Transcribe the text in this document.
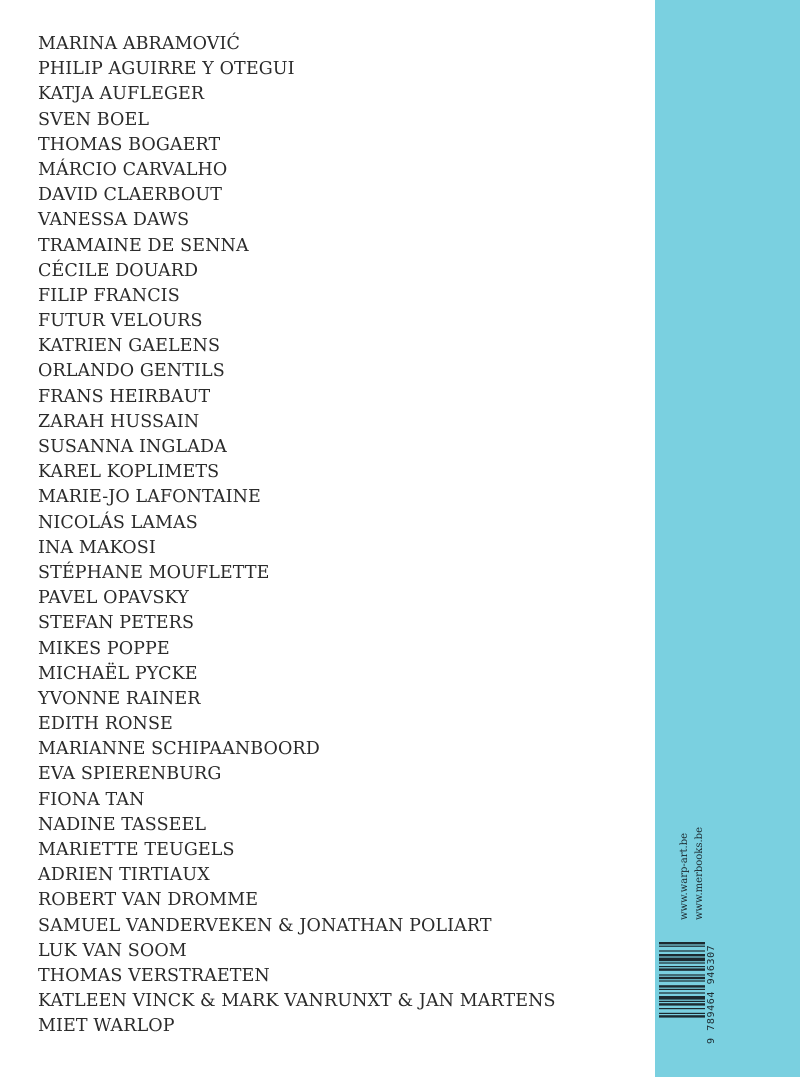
MARINA ABRAMOVIĆ
PHILIP AGUIRRE Y OTEGUI
KATJA AUFLEGER
SVEN BOEL
THOMAS BOGAERT
MÁRCIO CARVALHO
DAVID CLAERBOUT
VANESSA DAWS
TRAMAINE DE SENNA
CÉCILE DOUARD
FILIP FRANCIS
FUTUR VELOURS
KATRIEN GAELENS
ORLANDO GENTILS
FRANS HEIRBAUT
ZARAH HUSSAIN
SUSANNA INGLADA
KAREL KOPLIMETS
MARIE-JO LAFONTAINE
NICOLÁS LAMAS
INA MAKOSI
STÉPHANE MOUFLETTE
PAVEL OPAVSKY
STEFAN PETERS
MIKES POPPE
MICHAËL PYCKE
YVONNE RAINER
EDITH RONSE
MARIANNE SCHIPAANBOORD
EVA SPIERENBURG
FIONA TAN
NADINE TASSEEL
MARIETTE TEUGELS
ADRIEN TIRTIAUX
ROBERT VAN DROMME
SAMUEL VANDERVEKEN & JONATHAN POLIART
LUK VAN SOOM
THOMAS VERSTRAETEN
KATLEEN VINCK & MARK VANRUNXT & JAN MARTENS
MIET WARLOP
www.warp-art.be www.merbooks.be
9 789464 946307
